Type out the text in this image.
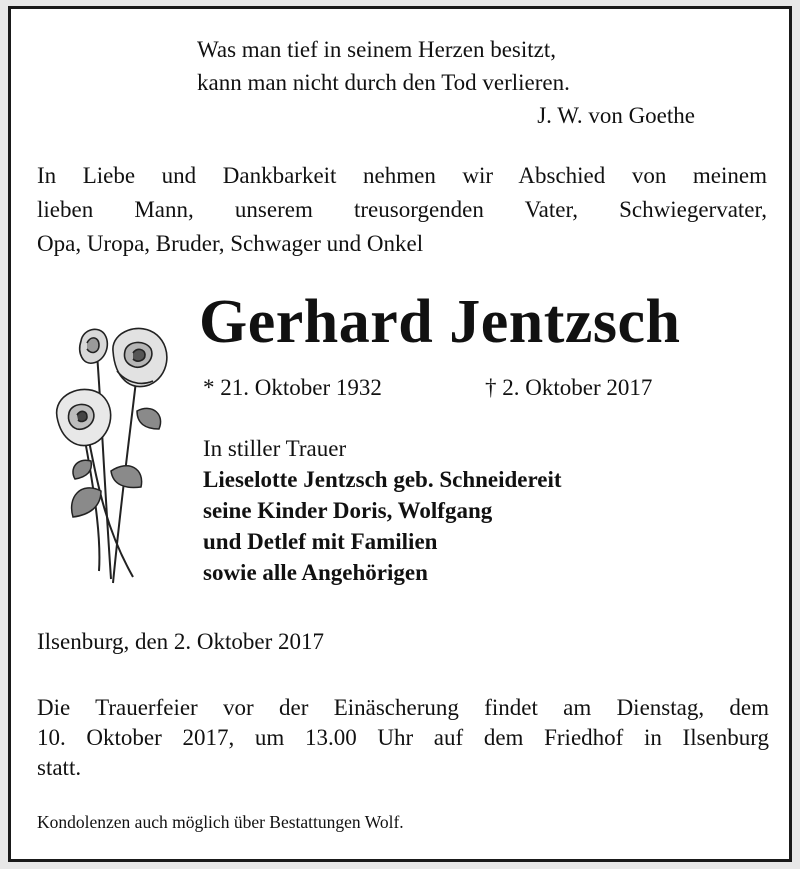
Was man tief in seinem Herzen besitzt,
kann man nicht durch den Tod verlieren.
J. W. von Goethe
In Liebe und Dankbarkeit nehmen wir Abschied von meinem
lieben Mann, unserem treusorgenden Vater, Schwiegervater,
Opa, Uropa, Bruder, Schwager und Onkel
Gerhard Jentzsch
* 21. Oktober 1932	† 2. Oktober 2017
In stiller Trauer
Lieselotte Jentzsch geb. Schneidereit
seine Kinder Doris, Wolfgang
und Detlef mit Familien
sowie alle Angehörigen
Ilsenburg, den 2. Oktober 2017
Die Trauerfeier vor der Einäscherung findet am Dienstag, dem
10. Oktober 2017, um 13.00 Uhr auf dem Friedhof in Ilsenburg
statt.
Kondolenzen auch möglich über Bestattungen Wolf.
